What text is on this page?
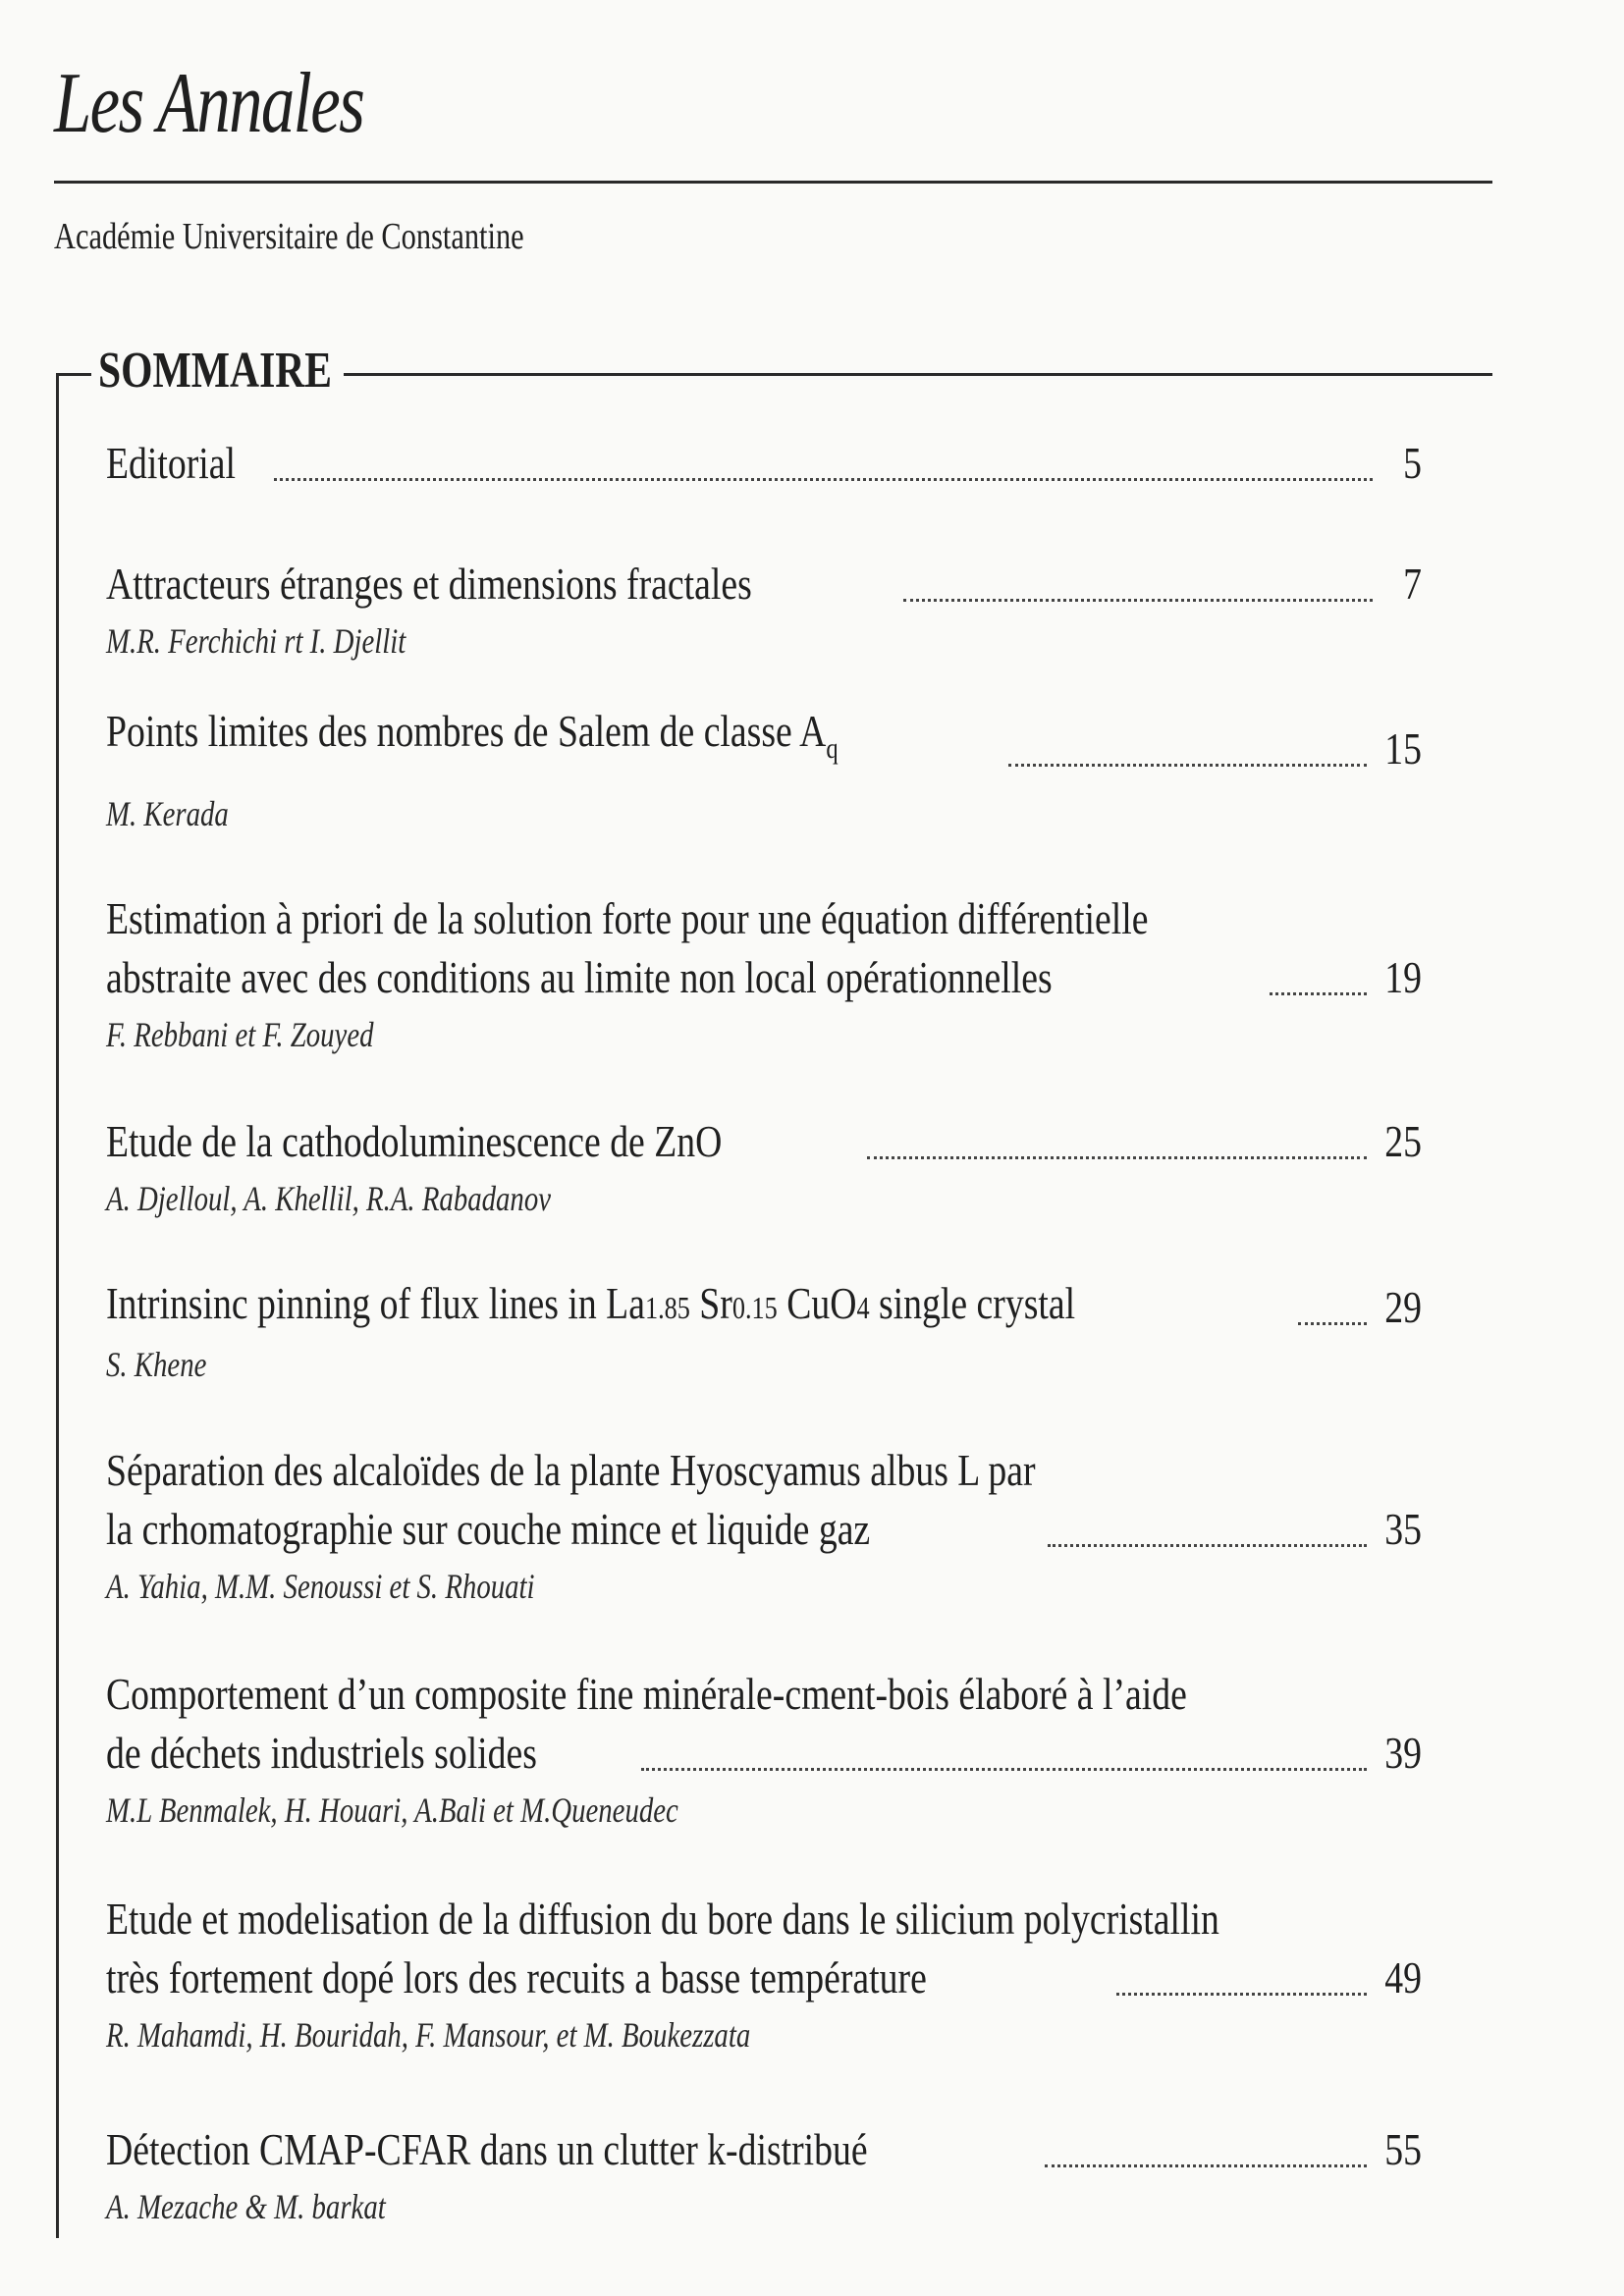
Les Annales
Académie Universitaire de Constantine
SOMMAIRE
Editorial	5
Attracteurs étranges et dimensions fractales	7
M.R. Ferchichi rt I. Djellit
Points limites des nombres de Salem de classe $A_q$	15
M. Kerada
Estimation à priori de la solution forte pour une équation différentielle
abstraite avec des conditions au limite non local opérationnelles	19
F. Rebbani et F. Zouyed
Etude de la cathodoluminescence de ZnO	25
A. Djelloul, A. Khellil, R.A. Rabadanov
Intrinsinc pinning of flux lines in La1.85 Sr0.15 CuO4 single crystal	29
S. Khene
Séparation des alcaloïdes de la plante Hyoscyamus albus L par
la crhomatographie sur couche mince et liquide gaz	35
A. Yahia, M.M. Senoussi et S. Rhouati
Comportement d’un composite fine minérale-cment-bois élaboré à l’aide
de déchets industriels solides	39
M.L Benmalek, H. Houari, A.Bali et M.Queneudec
Etude et modelisation de la diffusion du bore dans le silicium polycristallin
très fortement dopé lors des recuits a basse température	49
R. Mahamdi, H. Bouridah, F. Mansour, et M. Boukezzata
Détection CMAP-CFAR dans un clutter k-distribué	55
A. Mezache & M. barkat
